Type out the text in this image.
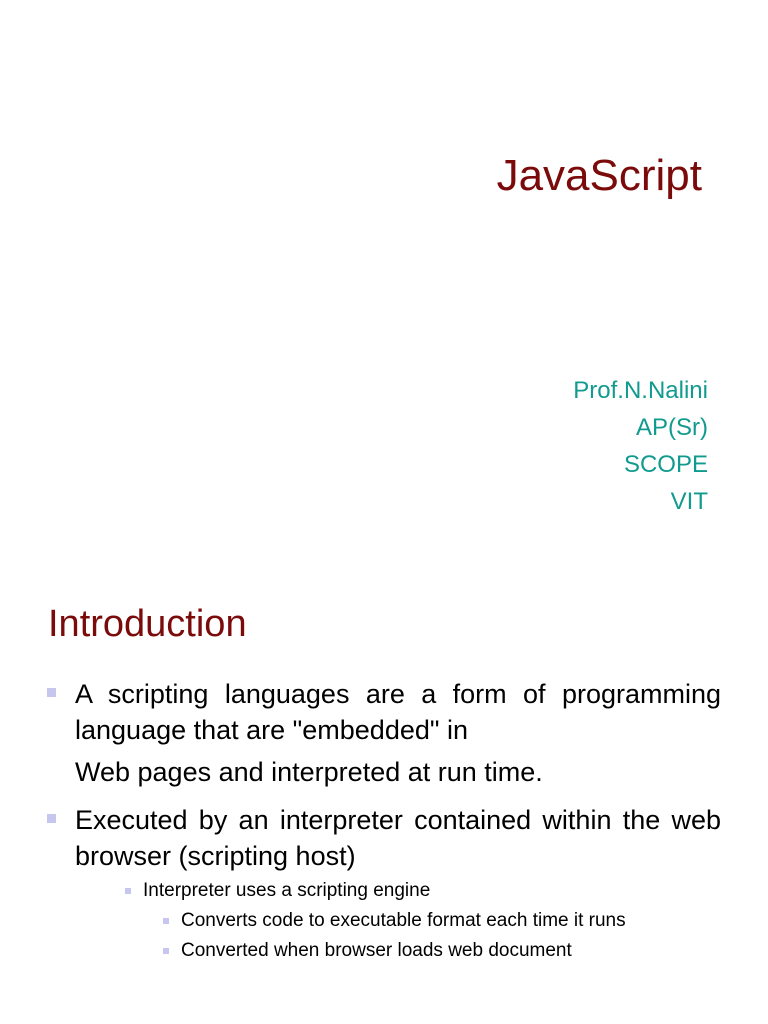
JavaScript
Prof.N.Nalini
AP(Sr)
SCOPE
VIT
Introduction
A scripting languages are a form of programming language that are "embedded" in
Web pages and interpreted at run time.
Executed by an interpreter contained within the web browser (scripting host)
Interpreter uses a scripting engine
Converts code to executable format each time it runs
Converted when browser loads web document
